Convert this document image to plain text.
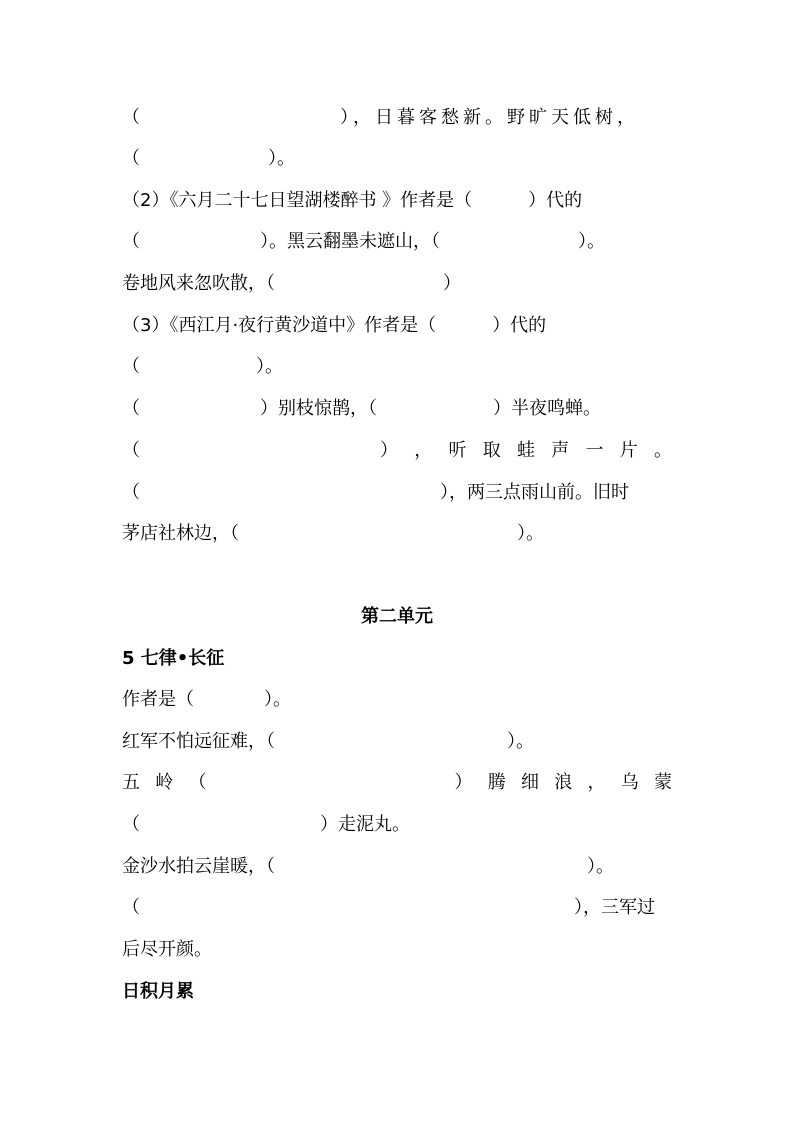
（	），日暮客愁新。野旷天低树，
（	）。
（2）《六月二十七日望湖楼醉书 》作者是（	）代的
（	）。黑云翻墨未遮山，（	）。
卷地风来忽吹散，（	）
（3）《西江月·夜行黄沙道中》作者是（	）代的
（	）。
（	）别枝惊鹊，（	）半夜鸣蝉。
（	） ， 听 取 蛙 声 一 片 。
（	），两三点雨山前。旧时
茅店社林边，（	）。
第二单元
5 七律•长征
作者是（	）。
红军不怕远征难，（	）。
五 岭 （	） 腾 细 浪 ， 乌 蒙
（	）走泥丸。
金沙水拍云崖暖，（	）。
（	），三军过
后尽开颜。
日积月累
